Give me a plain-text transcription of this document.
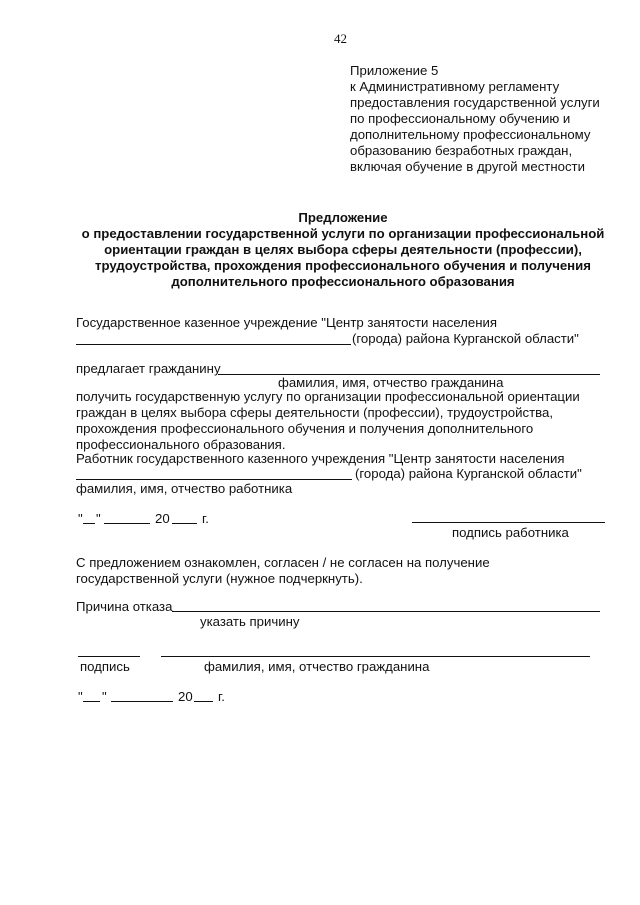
42
Приложение 5
к Административному регламенту
предоставления государственной услуги
по профессиональному обучению и
дополнительному профессиональному
образованию безработных граждан,
включая обучение в другой местности
Предложение
о предоставлении государственной услуги по организации профессиональной
ориентации граждан в целях выбора сферы деятельности (профессии),
трудоустройства, прохождения профессионального обучения и получения
дополнительного профессионального образования
Государственное казенное учреждение "Центр занятости населения
(города) района Курганской области"
предлагает гражданину
фамилия, имя, отчество гражданина
получить государственную услугу по организации профессиональной ориентации
граждан в целях выбора сферы деятельности (профессии), трудоустройства,
прохождения профессионального обучения и получения дополнительного
профессионального образования.
Работник государственного казенного учреждения "Центр занятости населения
(города) района Курганской области"
фамилия, имя, отчество работника
" "	20 г.
подпись работника
С предложением ознакомлен, согласен / не согласен на получение
государственной услуги (нужное подчеркнуть).
Причина отказа
указать причину
подпись	фамилия, имя, отчество гражданина
" "	20 г.
